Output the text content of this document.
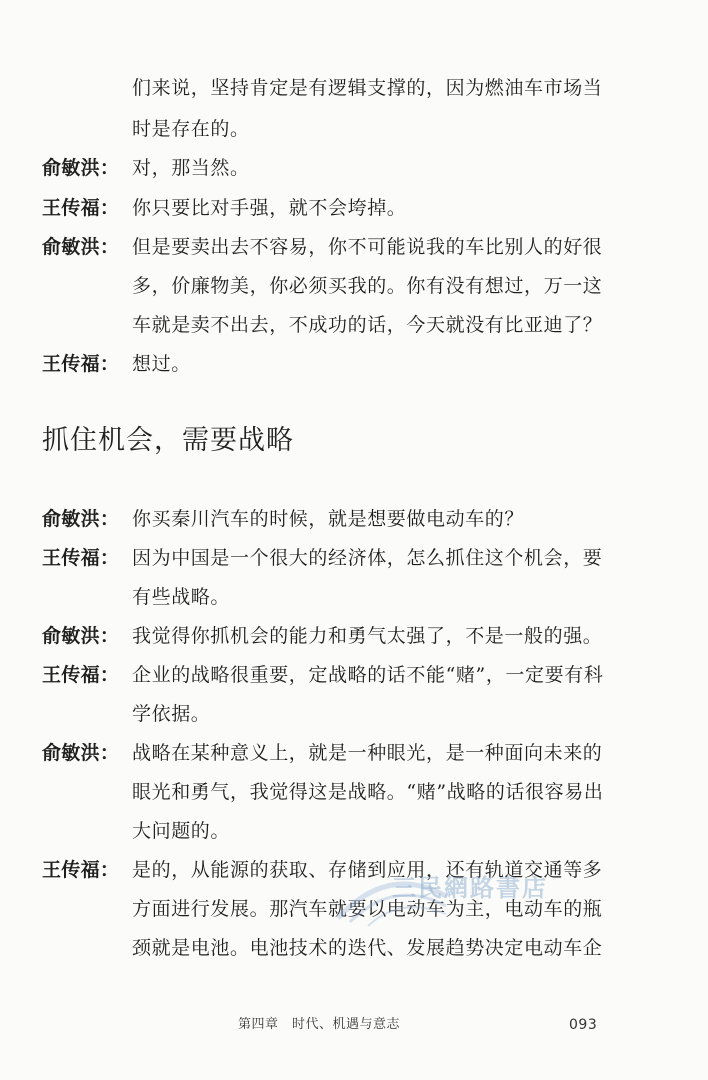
们来说，坚持肯定是有逻辑支撑的，因为燃油车市场当
时是存在的。
俞敏洪： 对，那当然。
王传福： 你只要比对手强，就不会垮掉。
俞敏洪： 但是要卖出去不容易，你不可能说我的车比别人的好很
多，价廉物美，你必须买我的。你有没有想过，万一这
车就是卖不出去，不成功的话，今天就没有比亚迪了？
王传福： 想过。
抓住机会，需要战略
俞敏洪： 你买秦川汽车的时候，就是想要做电动车的？
王传福： 因为中国是一个很大的经济体，怎么抓住这个机会，要
有些战略。
俞敏洪： 我觉得你抓机会的能力和勇气太强了，不是一般的强。
王传福： 企业的战略很重要，定战略的话不能“赌”，一定要有科
学依据。
俞敏洪： 战略在某种意义上，就是一种眼光，是一种面向未来的
眼光和勇气，我觉得这是战略。“赌”战略的话很容易出
大问题的。
王传福： 是的，从能源的获取、存储到应用，还有轨道交通等多
方面进行发展。那汽车就要以电动车为主，电动车的瓶
颈就是电池。电池技术的迭代、发展趋势决定电动车企
三民網路書店
第四章　时代、机遇与意志	093
